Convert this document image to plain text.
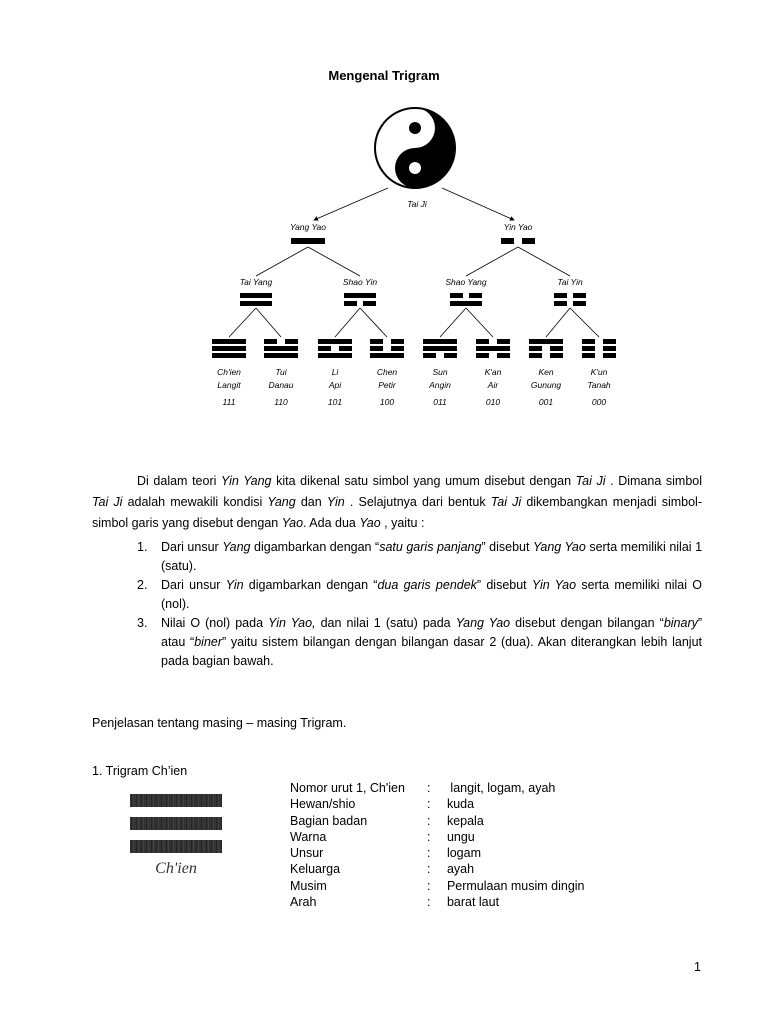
Mengenal Trigram
Tai Ji
Yang Yao	Yin Yao
Tai Yang	Shao Yin	Shao Yang	Tai Yin
Ch'ien
Langit
111
Tui
Danau
110
Li
Api
101
Chen
Petir
100
Sun
Angin
011
K'an
Air
010
Ken
Gunung
001
K'un
Tanah
000

Di dalam teori Yin Yang kita dikenal satu simbol yang umum disebut dengan Tai Ji . Dimana simbol Tai Ji adalah mewakili kondisi Yang dan Yin . Selajutnya dari bentuk Tai Ji dikembangkan menjadi simbol-simbol garis yang disebut dengan Yao. Ada dua Yao , yaitu :

1. Dari unsur Yang digambarkan dengan “satu garis panjang” disebut Yang Yao serta memiliki nilai 1 (satu).
2. Dari unsur Yin digambarkan dengan “dua garis pendek” disebut Yin Yao serta memiliki nilai O (nol).
3. Nilai O (nol) pada Yin Yao, dan nilai 1 (satu) pada Yang Yao disebut dengan bilangan “binary” atau “biner” yaitu sistem bilangan dengan bilangan dasar 2 (dua). Akan diterangkan lebih lanjut pada bagian bawah.
Penjelasan tentang masing – masing Trigram.
1. Trigram Ch’ien
Ch'ien
Nomor urut 1, Ch'ien : langit, logam, ayah
Hewan/shio	: kuda
Bagian badan	: kepala
Warna	: ungu
Unsur	: logam
Keluarga	: ayah
Musim	: Permulaan musim dingin
Arah	: barat laut
1
